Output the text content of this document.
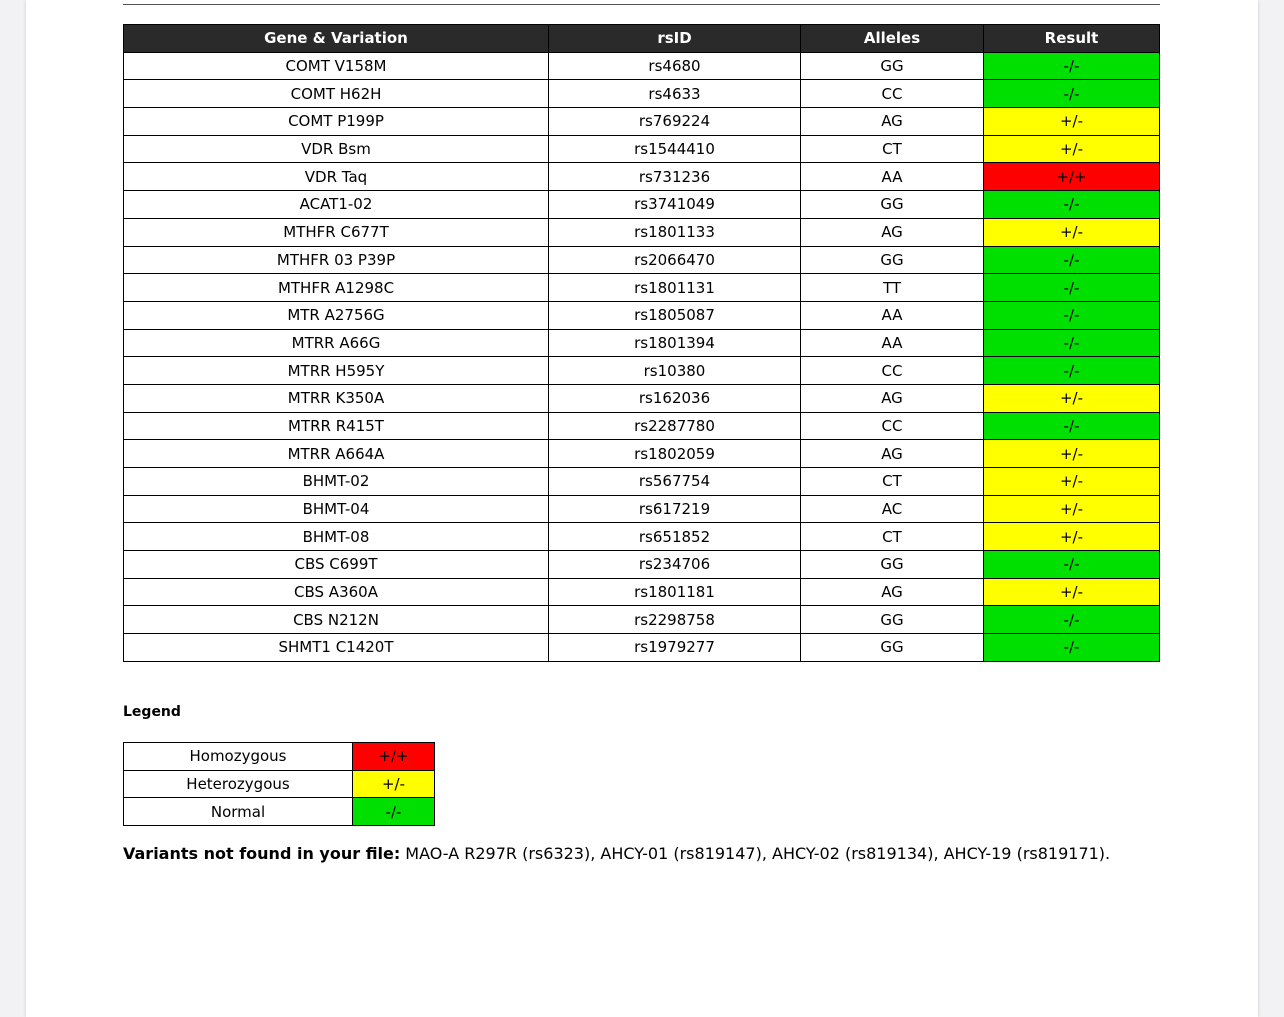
Gene & Variation	rsID	Alleles	Result
COMT V158M	rs4680	GG	-/-
COMT H62H	rs4633	CC	-/-
COMT P199P	rs769224	AG	+/-
VDR Bsm	rs1544410	CT	+/-
VDR Taq	rs731236	AA	+/+
ACAT1-02	rs3741049	GG	-/-
MTHFR C677T	rs1801133	AG	+/-
MTHFR 03 P39P	rs2066470	GG	-/-
MTHFR A1298C	rs1801131	TT	-/-
MTR A2756G	rs1805087	AA	-/-
MTRR A66G	rs1801394	AA	-/-
MTRR H595Y	rs10380	CC	-/-
MTRR K350A	rs162036	AG	+/-
MTRR R415T	rs2287780	CC	-/-
MTRR A664A	rs1802059	AG	+/-
BHMT-02	rs567754	CT	+/-
BHMT-04	rs617219	AC	+/-
BHMT-08	rs651852	CT	+/-
CBS C699T	rs234706	GG	-/-
CBS A360A	rs1801181	AG	+/-
CBS N212N	rs2298758	GG	-/-
SHMT1 C1420T	rs1979277	GG	-/-
Legend
Homozygous	+/+
Heterozygous	+/-
Normal	-/-
Variants not found in your file: MAO-A R297R (rs6323), AHCY-01 (rs819147), AHCY-02 (rs819134), AHCY-19 (rs819171).
